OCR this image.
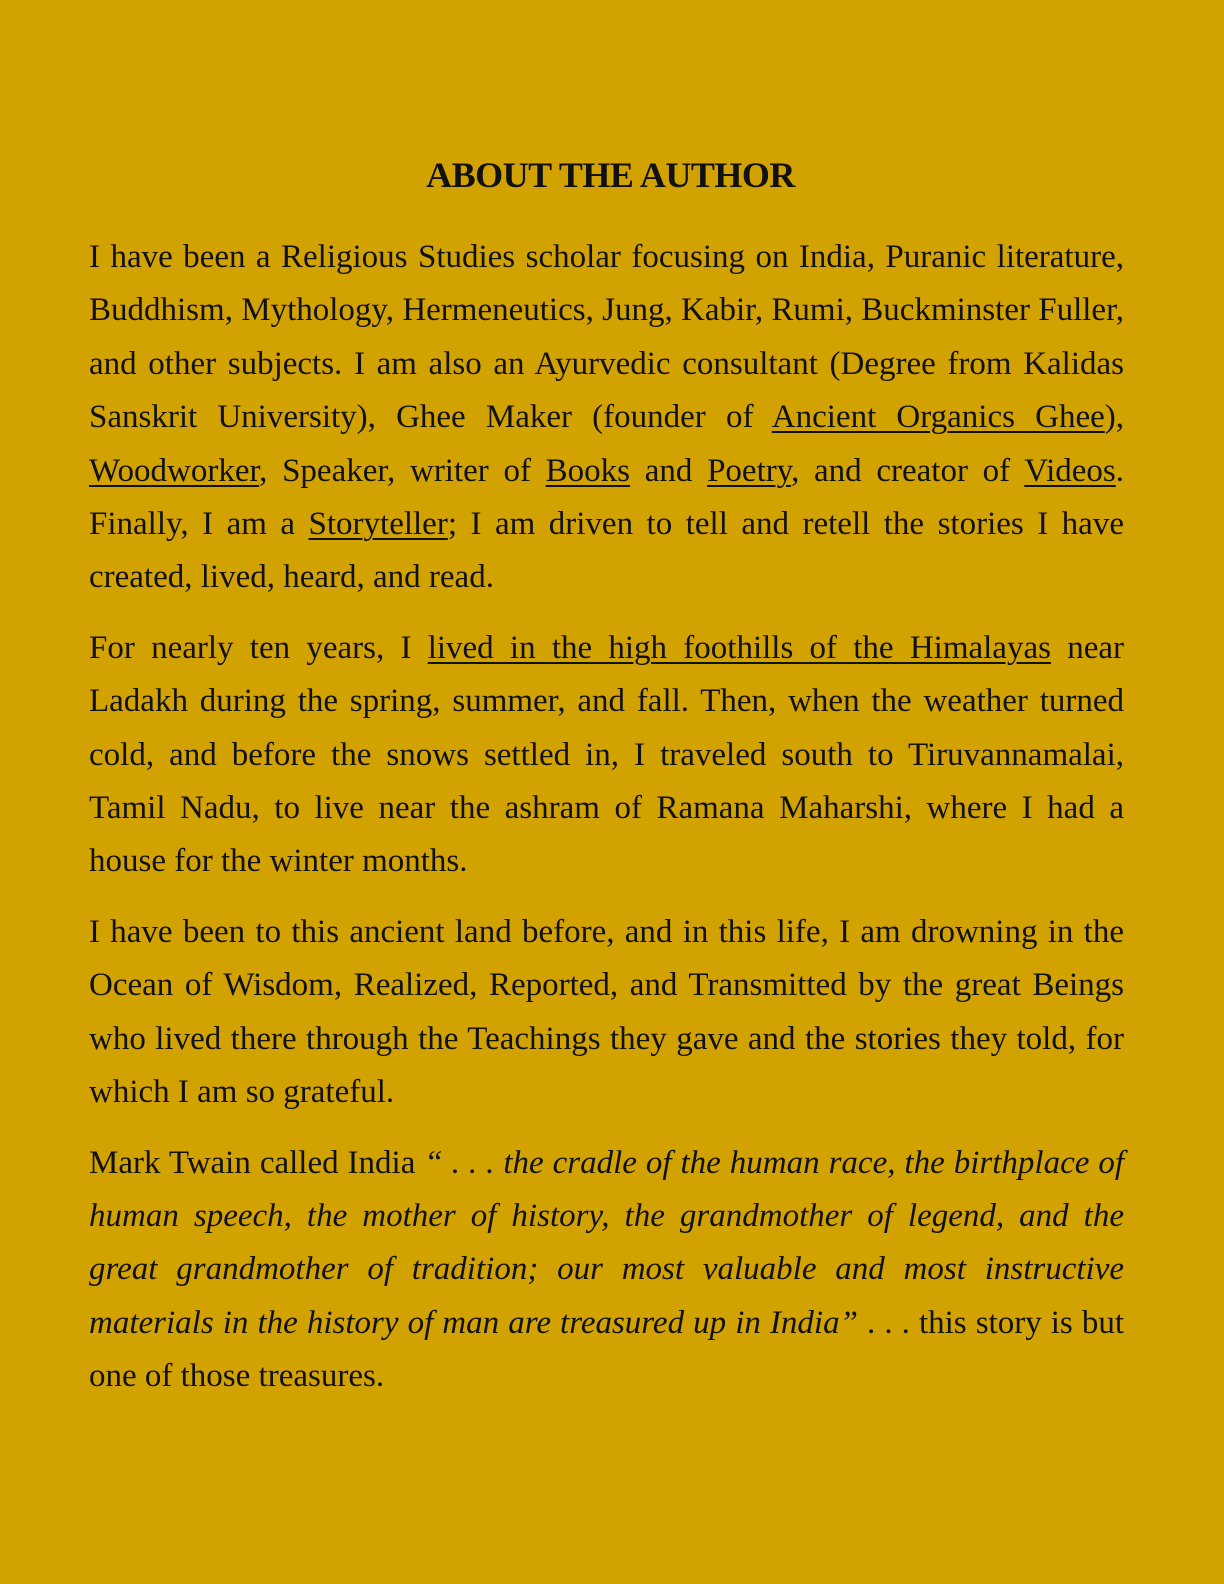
ABOUT THE AUTHOR

I have been a Religious Studies scholar focusing on India, Puranic literature, Buddhism, Mythology, Hermeneutics, Jung, Kabir, Rumi, Buckminster Fuller, and other subjects. I am also an Ayurvedic consultant (Degree from Kalidas Sanskrit University), Ghee Maker (founder of Ancient Organics Ghee), Woodworker, Speaker, writer of Books and Poetry, and creator of Videos. Finally, I am a Storyteller; I am driven to tell and retell the stories I have created, lived, heard, and read.

For nearly ten years, I lived in the high foothills of the Himalayas near Ladakh during the spring, summer, and fall. Then, when the weather turned cold, and before the snows settled in, I traveled south to Tiruvannamalai, Tamil Nadu, to live near the ashram of Ramana Maharshi, where I had a house for the winter months.

I have been to this ancient land before, and in this life, I am drowning in the Ocean of Wisdom, Realized, Reported, and Transmitted by the great Beings who lived there through the Teachings they gave and the stories they told, for which I am so grateful.

Mark Twain called India “ . . . the cradle of the human race, the birthplace of human speech, the mother of history, the grandmother of legend, and the great grandmother of tradition; our most valuable and most instructive materials in the history of man are treasured up in India” . . . this story is but one of those treasures.
